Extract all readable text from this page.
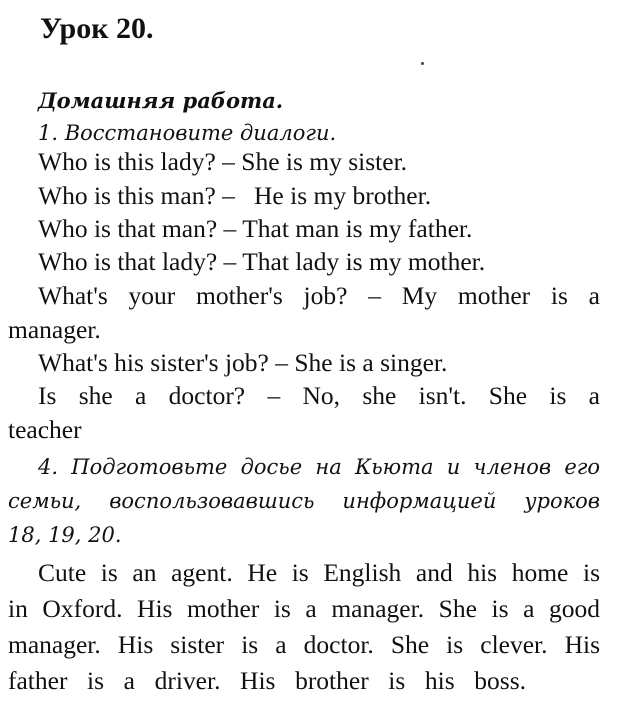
Урок 20.
Домашняя работа.
1. Восстановите диалоги.
Who is this lady? – She is my sister.
Who is this man? –   He is my brother.
Who is that man? – That man is my father.
Who is that lady? – That lady is my mother.
What's your mother's job? – My mother is a
manager.
What's his sister's job? – She is a singer.
Is she a doctor? – No, she isn't. She is a
teacher
4. Подготовьте досье на Кьюта и членов его
семьи, воспользовавшись информацией уроков
18, 19, 20.
Cute is an agent. He is English and his home is
in Oxford. His mother is a manager. She is a good
manager. His sister is a doctor. She is clever. His
father is a driver. His brother is his boss.
